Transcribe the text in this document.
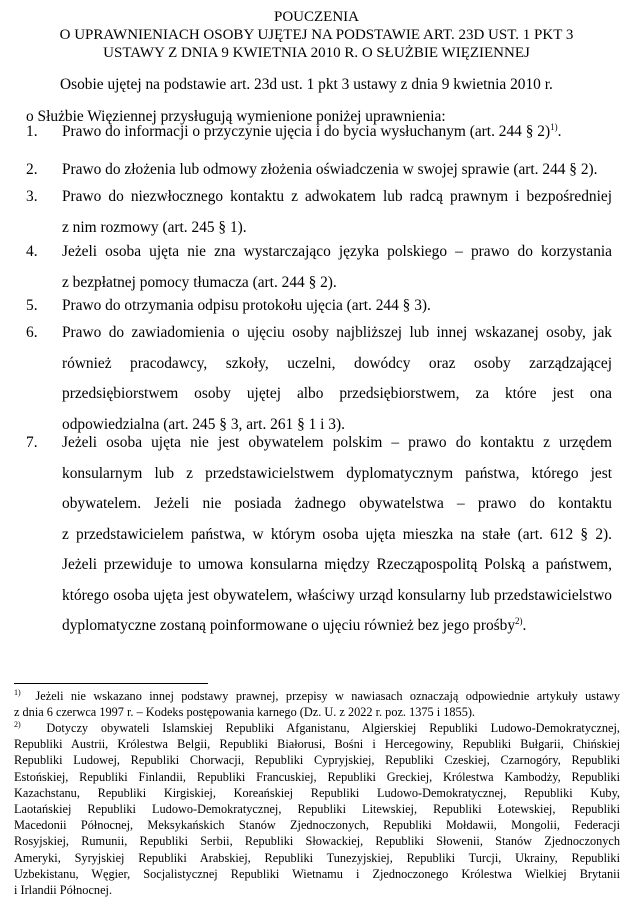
POUCZENIA
O UPRAWNIENIACH OSOBY UJĘTEJ NA PODSTAWIE ART. 23D UST. 1 PKT 3
USTAWY Z DNIA 9 KWIETNIA 2010 R. O SŁUŻBIE WIĘZIENNEJ
Osobie ujętej na podstawie art. 23d ust. 1 pkt 3 ustawy z dnia 9 kwietnia 2010 r.
o Służbie Więziennej przysługują wymienione poniżej uprawnienia:
1.	Prawo do informacji o przyczynie ujęcia i do bycia wysłuchanym (art. 244 § 2)$^{1)}$.
2.	Prawo do złożenia lub odmowy złożenia oświadczenia w swojej sprawie (art. 244 § 2).
3.	Prawo do niezwłocznego kontaktu z adwokatem lub radcą prawnym i bezpośredniej
z nim rozmowy (art. 245 § 1).
4.	Jeżeli osoba ujęta nie zna wystarczająco języka polskiego – prawo do korzystania
z bezpłatnej pomocy tłumacza (art. 244 § 2).
5.	Prawo do otrzymania odpisu protokołu ujęcia (art. 244 § 3).
6.	Prawo do zawiadomienia o ujęciu osoby najbliższej lub innej wskazanej osoby, jak
również pracodawcy, szkoły, uczelni, dowódcy oraz osoby zarządzającej
przedsiębiorstwem osoby ujętej albo przedsiębiorstwem, za które jest ona
odpowiedzialna (art. 245 § 3, art. 261 § 1 i 3).
7.	Jeżeli osoba ujęta nie jest obywatelem polskim – prawo do kontaktu z urzędem
konsularnym lub z przedstawicielstwem dyplomatycznym państwa, którego jest
obywatelem. Jeżeli nie posiada żadnego obywatelstwa – prawo do kontaktu
z przedstawicielem państwa, w którym osoba ujęta mieszka na stałe (art. 612 § 2).
Jeżeli przewiduje to umowa konsularna między Rzecząpospolitą Polską a państwem,
którego osoba ujęta jest obywatelem, właściwy urząd konsularny lub przedstawicielstwo
dyplomatyczne zostaną poinformowane o ujęciu również bez jego prośby$^{2)}$.
$^{1)}$  Jeżeli nie wskazano innej podstawy prawnej, przepisy w nawiasach oznaczają odpowiednie artykuły ustawy
z dnia 6 czerwca 1997 r. – Kodeks postępowania karnego (Dz. U. z 2022 r. poz. 1375 i 1855).
$^{2)}$  Dotyczy obywateli Islamskiej Republiki Afganistanu, Algierskiej Republiki Ludowo-Demokratycznej,
Republiki Austrii, Królestwa Belgii, Republiki Białorusi, Bośni i Hercegowiny, Republiki Bułgarii, Chińskiej
Republiki Ludowej, Republiki Chorwacji, Republiki Cypryjskiej, Republiki Czeskiej, Czarnogóry, Republiki
Estońskiej, Republiki Finlandii, Republiki Francuskiej, Republiki Greckiej, Królestwa Kambodży, Republiki
Kazachstanu, Republiki Kirgiskiej, Koreańskiej Republiki Ludowo-Demokratycznej, Republiki Kuby,
Laotańskiej Republiki Ludowo-Demokratycznej, Republiki Litewskiej, Republiki Łotewskiej, Republiki
Macedonii Północnej, Meksykańskich Stanów Zjednoczonych, Republiki Mołdawii, Mongolii, Federacji
Rosyjskiej, Rumunii, Republiki Serbii, Republiki Słowackiej, Republiki Słowenii, Stanów Zjednoczonych
Ameryki, Syryjskiej Republiki Arabskiej, Republiki Tunezyjskiej, Republiki Turcji, Ukrainy, Republiki
Uzbekistanu, Węgier, Socjalistycznej Republiki Wietnamu i Zjednoczonego Królestwa Wielkiej Brytanii
i Irlandii Północnej.
